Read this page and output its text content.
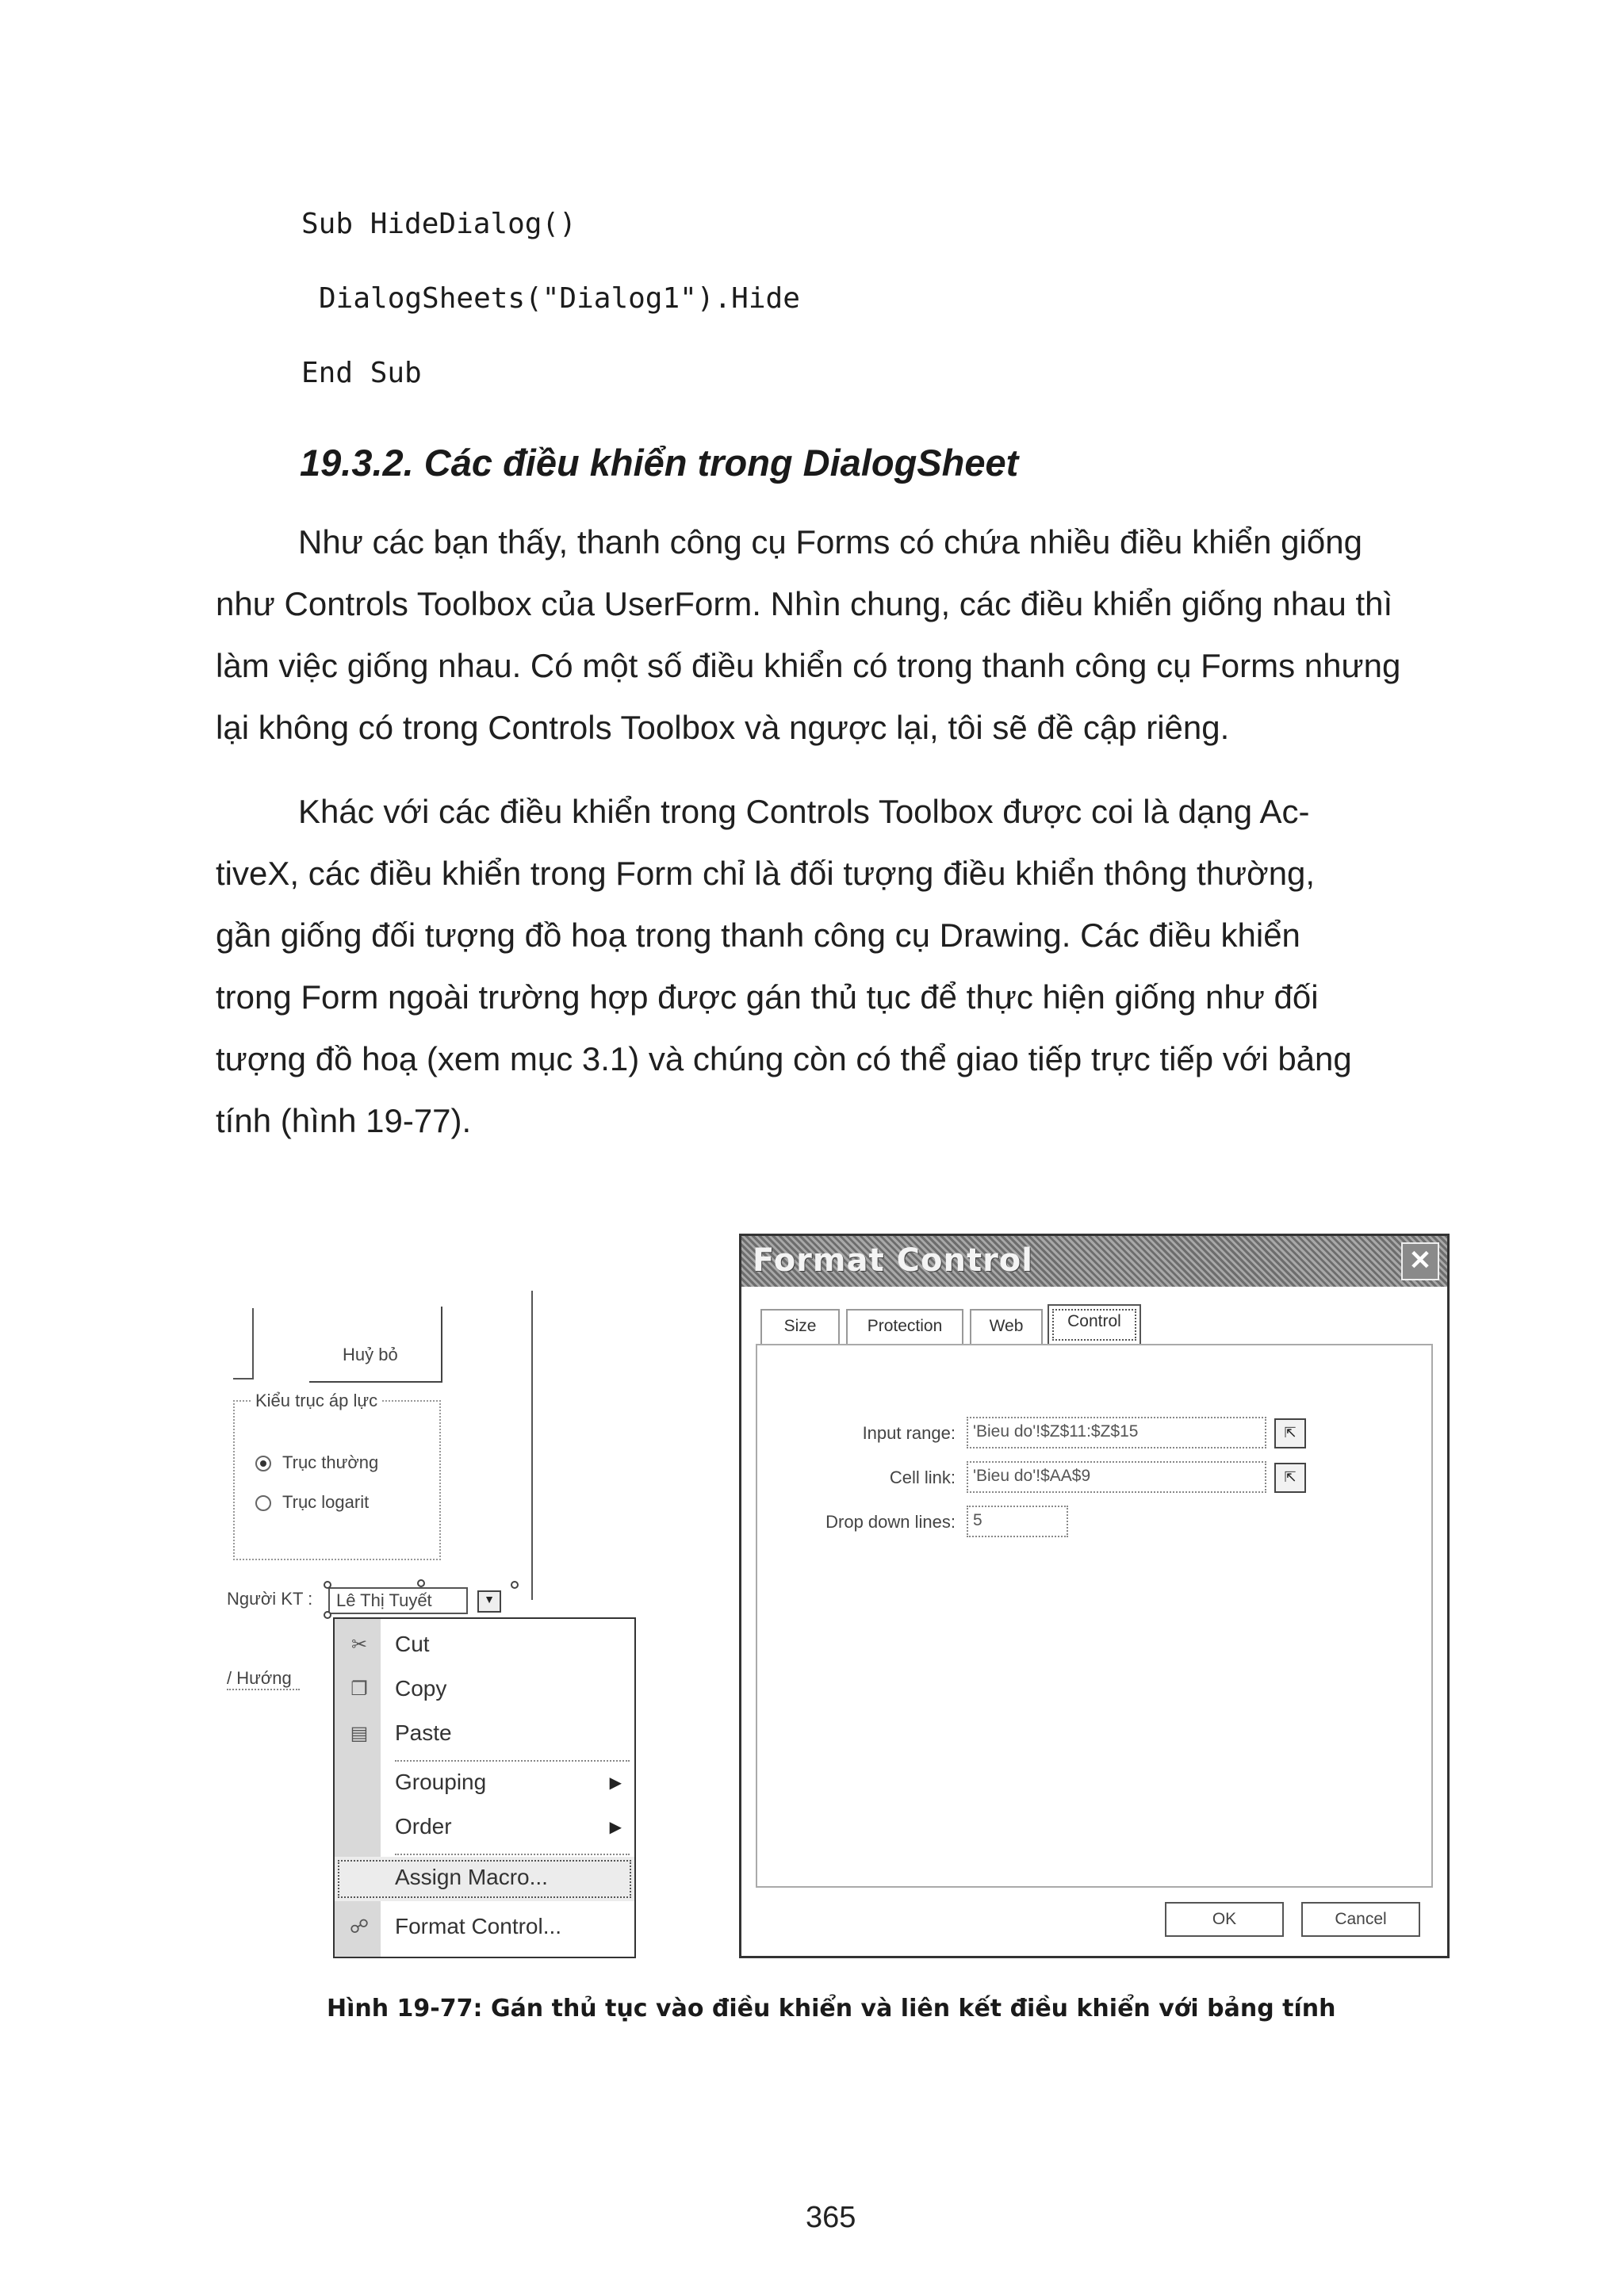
Sub HideDialog()
DialogSheets("Dialog1").Hide
End Sub
19.3.2. Các điều khiển trong DialogSheet
Như các bạn thấy, thanh công cụ Forms có chứa nhiều điều khiển giống
như Controls Toolbox của UserForm. Nhìn chung, các điều khiển giống nhau thì
làm việc giống nhau. Có một số điều khiển có trong thanh công cụ Forms nhưng
lại không có trong Controls Toolbox và ngược lại, tôi sẽ đề cập riêng.
Khác với các điều khiển trong Controls Toolbox được coi là dạng Ac-
tiveX, các điều khiển trong Form chỉ là đối tượng điều khiển thông thường,
gần giống đối tượng đồ hoạ trong thanh công cụ Drawing. Các điều khiển
trong Form ngoài trường hợp được gán thủ tục để thực hiện giống như đối
tượng đồ hoạ (xem mục 3.1) và chúng còn có thể giao tiếp trực tiếp với bảng
tính (hình 19-77).
Huỷ bỏ
Kiểu trục áp lực
Trục thường
Trục logarit
Người KT : Lê Thị Tuyết	▼
/ Hướng
✂ Cut
❐ Copy
▤ Paste
Grouping	▶
Order	▶
Assign Macro...
☍ Format Control...
Format Control	✕
Size	Protection	Web	Control
Input range:	'Bieu do'!$Z$11:$Z$15	⇱
Cell link:	'Bieu do'!$AA$9	⇱
Drop down lines:	5
OK	Cancel
Hình 19-77: Gán thủ tục vào điều khiển và liên kết điều khiển với bảng tính
365
